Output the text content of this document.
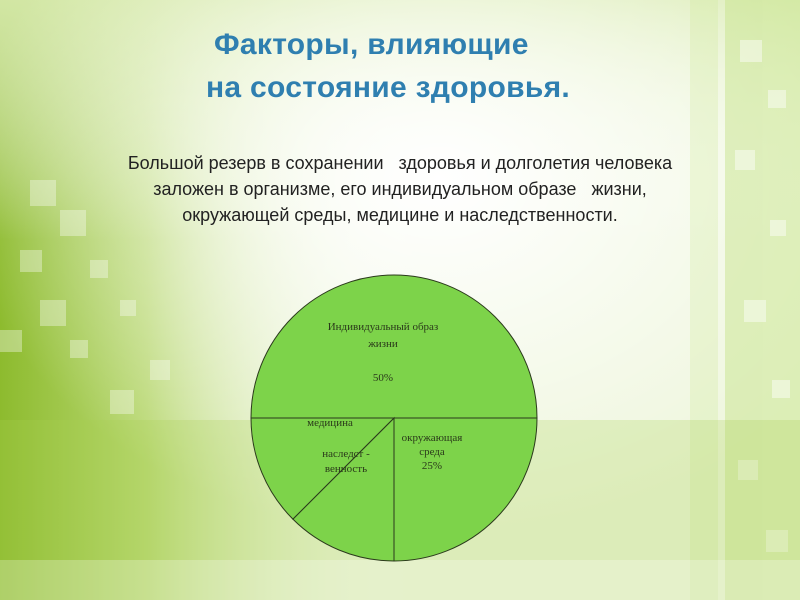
Факторы, влияющие
на состояние здоровья.

Большой резерв в сохранении   здоровья и долголетия человека
заложен в организме, его индивидуальном образе   жизни,
окружающей среды, медицине и наследственности.

Индивидуальный образ жизни 50%
окружающая среда 25%
наследст -венность
медицина
